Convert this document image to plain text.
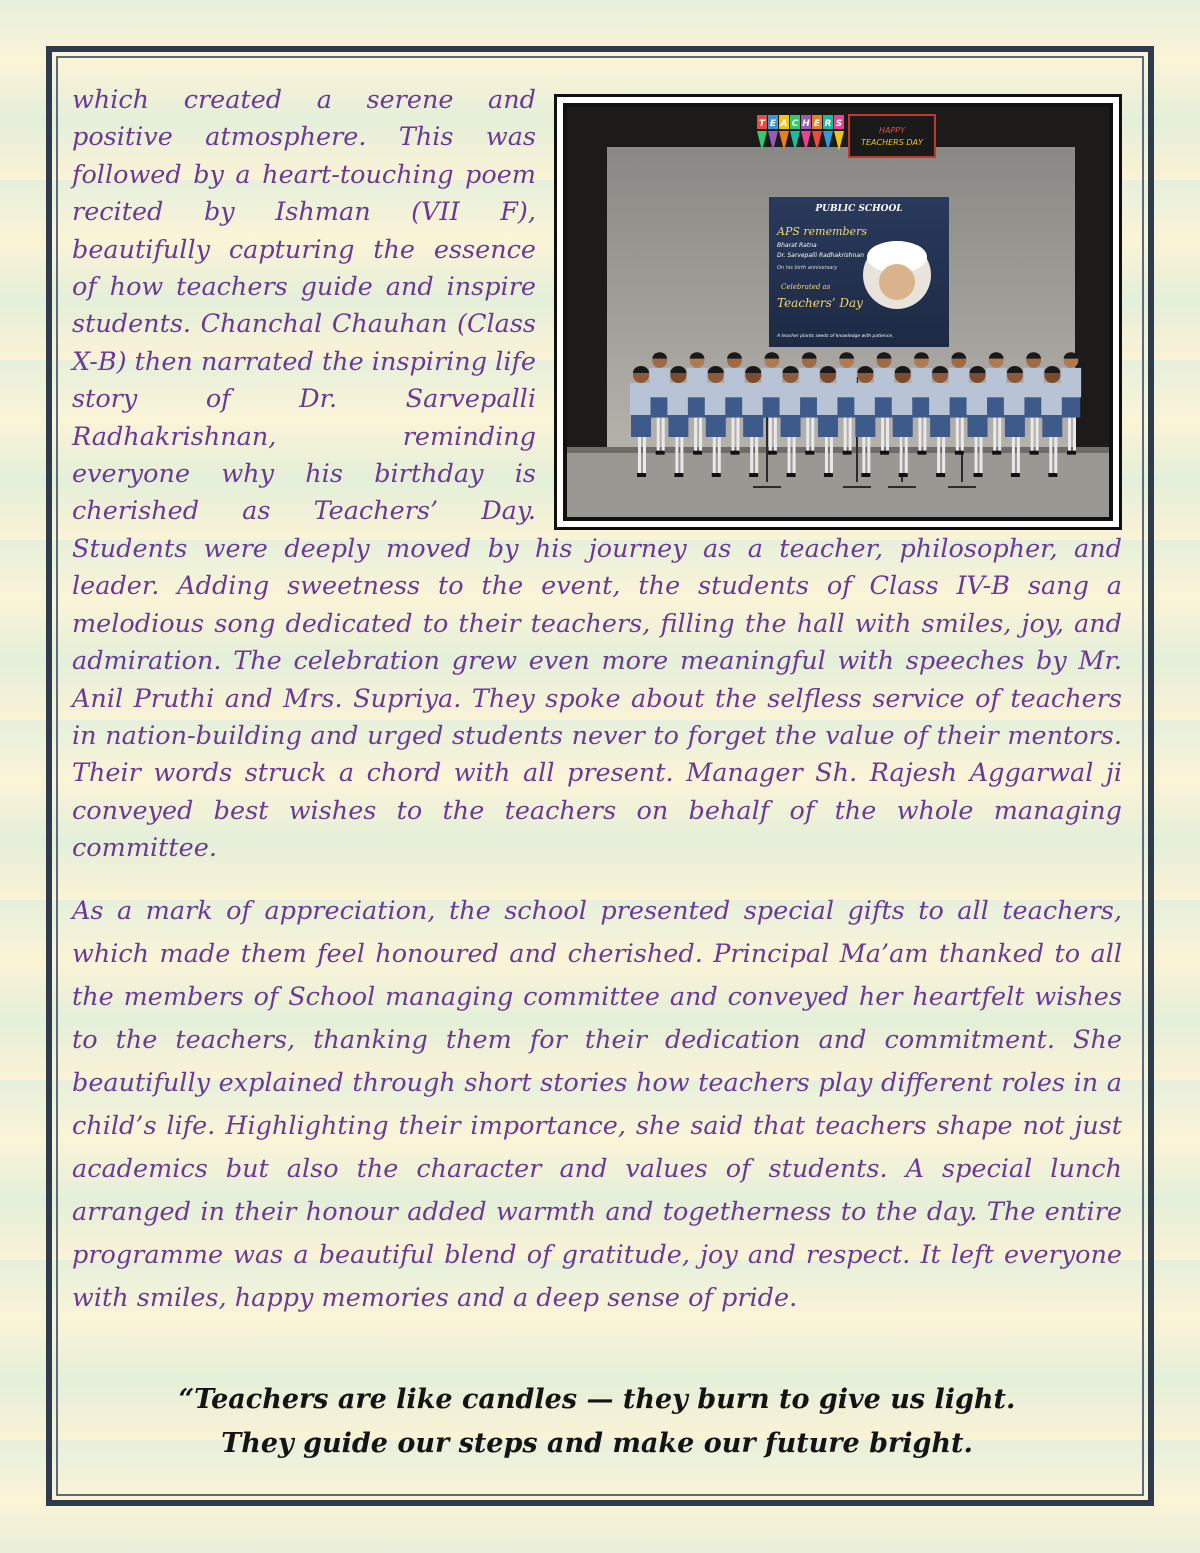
T E A C H E R S
HAPPY
TEACHERS DAY
PUBLIC SCHOOL
APS remembers
Bharat Ratna
Dr. Sarvepalli Radhakrishnan
On his birth anniversary
Celebrated as
Teachers’ Day
A teacher plants seeds of knowledge with patience,

which created a serene and positive atmosphere. This was followed by a heart-touching poem recited by Ishman (VII F), beautifully capturing the essence of how teachers guide and inspire students. Chanchal Chauhan (Class X-B) then narrated the inspiring life story of Dr. Sarvepalli Radhakrishnan, reminding everyone why his birthday is cherished as Teachers’ Day. Students were deeply moved by his journey as a teacher, philosopher, and leader. Adding sweetness to the event, the students of Class IV-B sang a melodious song dedicated to their teachers, filling the hall with smiles, joy, and admiration. The celebration grew even more meaningful with speeches by Mr. Anil Pruthi and Mrs. Supriya. They spoke about the selfless service of teachers in nation-building and urged students never to forget the value of their mentors. Their words struck a chord with all present. Manager Sh. Rajesh Aggarwal ji conveyed best wishes to the teachers on behalf of the whole managing committee.

As a mark of appreciation, the school presented special gifts to all teachers, which made them feel honoured and cherished. Principal Ma’am thanked to all the members of School managing committee and conveyed her heartfelt wishes to the teachers, thanking them for their dedication and commitment. She beautifully explained through short stories how teachers play different roles in a child’s life. Highlighting their importance, she said that teachers shape not just academics but also the character and values of students. A special lunch arranged in their honour added warmth and togetherness to the day. The entire programme was a beautiful blend of gratitude, joy and respect. It left everyone with smiles, happy memories and a deep sense of pride.

“Teachers are like candles — they burn to give us light.
They guide our steps and make our future bright.
